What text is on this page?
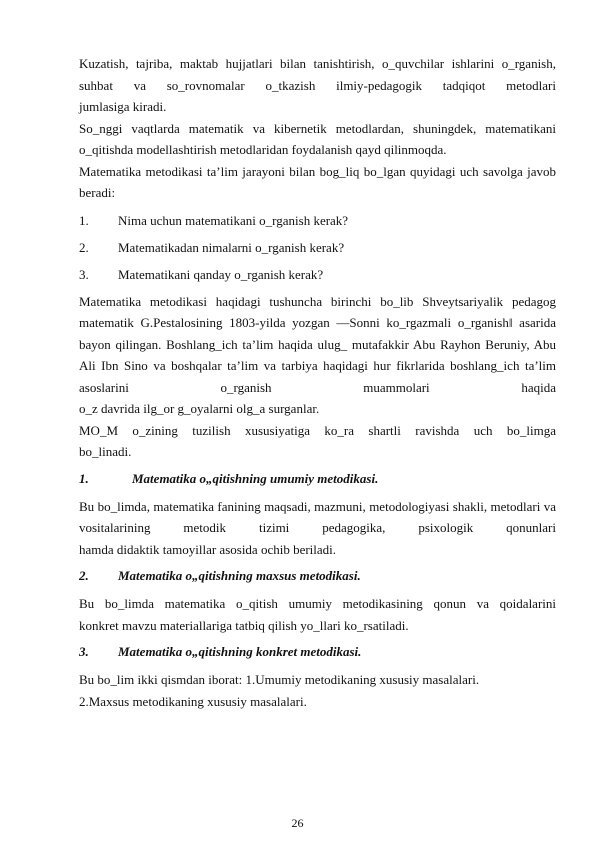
Kuzatish, tajriba, maktab hujjatlari bilan tanishtirish, o_quvchilar ishlarini o_rganish, suhbat va so_rovnomalar o_tkazish ilmiy-pedagogik tadqiqot metodlari

jumlasiga kiradi.

So_nggi vaqtlarda matematik va kibernetik metodlardan, shuningdek, matematikani o_qitishda modellashtirish metodlaridan foydalanish qayd qilinmoqda.

Matematika metodikasi ta’lim jarayoni bilan bog_liq bo_lgan quyidagi uch savolga javob beradi:

1.	Nima uchun matematikani o_rganish kerak?
2.	Matematikadan nimalarni o_rganish kerak?
3.	Matematikani qanday o_rganish kerak?

Matematika metodikasi haqidagi tushuncha birinchi bo_lib Shveytsariyalik pedagog matematik G.Pestalosining 1803-yilda yozgan ―Sonni ko_rgazmali o_rganish‖ asarida bayon qilingan. Boshlang_ich ta’lim haqida ulug_ mutafakkir Abu Rayhon Beruniy, Abu Ali Ibn Sino va boshqalar ta’lim va tarbiya haqidagi hur fikrlarida boshlang_ich ta’lim asoslarini o_rganish muammolari haqida

o_z davrida ilg_or g_oyalarni olg_a surganlar.

MO_M o_zining tuzilish xususiyatiga ko_ra shartli ravishda uch bo_limga

bo_linadi.

1.	Matematika o„qitishning umumiy metodikasi.

Bu bo_limda, matematika fanining maqsadi, mazmuni, metodologiyasi shakli, metodlari va vositalarining metodik tizimi pedagogika, psixologik qonunlari

hamda didaktik tamoyillar asosida ochib beriladi.

2.	Matematika o„qitishning maxsus metodikasi.

Bu bo_limda matematika o_qitish umumiy metodikasining qonun va qoidalarini

konkret mavzu materiallariga tatbiq qilish yo_llari ko_rsatiladi.

3.	Matematika o„qitishning konkret metodikasi.

Bu bo_lim ikki qismdan iborat: 1.Umumiy metodikaning xususiy masalalari.

2.Maxsus metodikaning xususiy masalalari.

26
